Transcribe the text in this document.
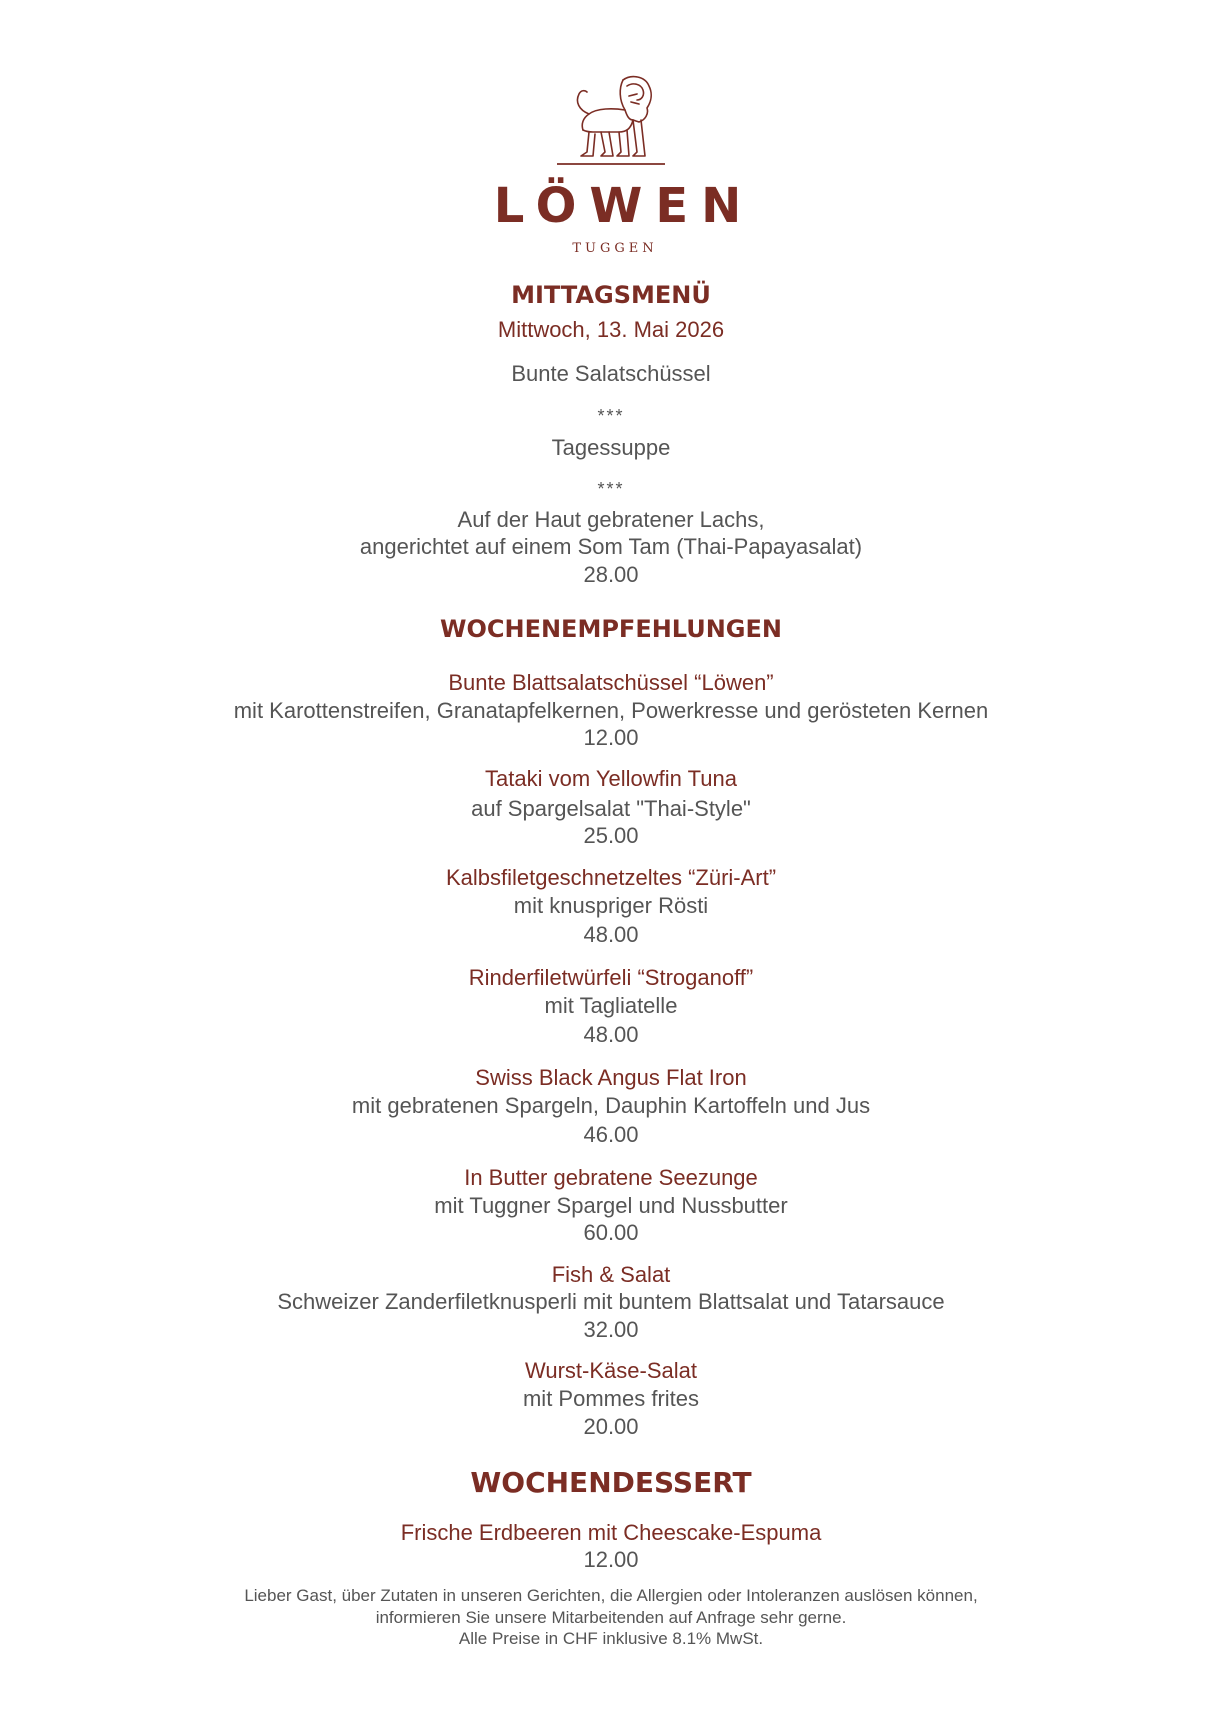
LÖWEN
TUGGEN
MITTAGSMENÜ
Mittwoch, 13. Mai 2026
Bunte Salatschüssel
***
Tagessuppe
***
Auf der Haut gebratener Lachs,
angerichtet auf einem Som Tam (Thai-Papayasalat)
28.00
WOCHENEMPFEHLUNGEN
Bunte Blattsalatschüssel “Löwen”
mit Karottenstreifen, Granatapfelkernen, Powerkresse und gerösteten Kernen
12.00
Tataki vom Yellowfin Tuna
auf Spargelsalat "Thai-Style"
25.00
Kalbsfiletgeschnetzeltes “Züri-Art”
mit knuspriger Rösti
48.00
Rinderfiletwürfeli “Stroganoff”
mit Tagliatelle
48.00
Swiss Black Angus Flat Iron
mit gebratenen Spargeln, Dauphin Kartoffeln und Jus
46.00
In Butter gebratene Seezunge
mit Tuggner Spargel und Nussbutter
60.00
Fish & Salat
Schweizer Zanderfiletknusperli mit buntem Blattsalat und Tatarsauce
32.00
Wurst-Käse-Salat
mit Pommes frites
20.00
WOCHENDESSERT
Frische Erdbeeren mit Cheescake-Espuma
12.00
Lieber Gast, über Zutaten in unseren Gerichten, die Allergien oder Intoleranzen auslösen können,
informieren Sie unsere Mitarbeitenden auf Anfrage sehr gerne.
Alle Preise in CHF inklusive 8.1% MwSt.
